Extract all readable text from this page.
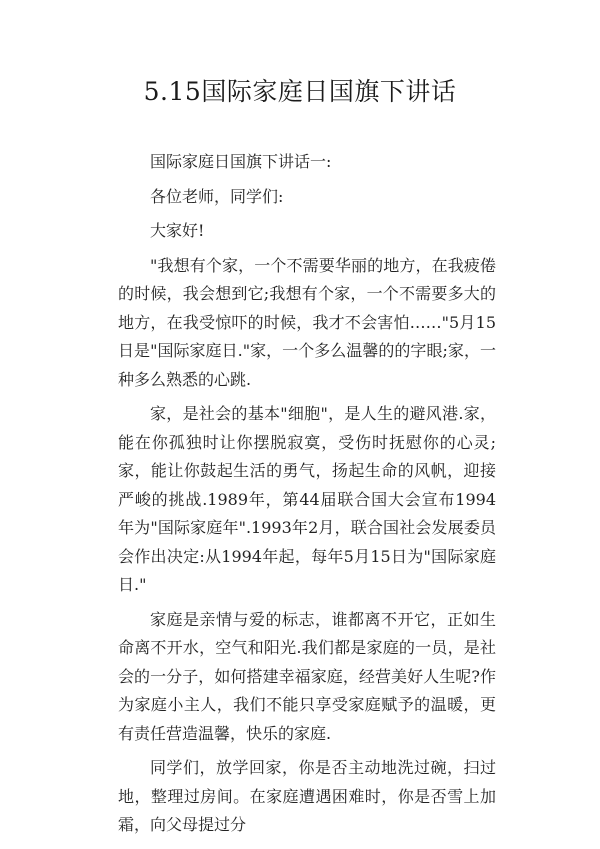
5.15国际家庭日国旗下讲话

国际家庭日国旗下讲话一:

各位老师，同学们:

大家好!

"我想有个家，一个不需要华丽的地方，在我疲倦的时候，我会想到它;我想有个家，一个不需要多大的地方，在我受惊吓的时候，我才不会害怕……"5月15日是"国际家庭日."家，一个多么温馨的的字眼;家，一种多么熟悉的心跳.

家，是社会的基本"细胞"，是人生的避风港.家，能在你孤独时让你摆脱寂寞，受伤时抚慰你的心灵;家，能让你鼓起生活的勇气，扬起生命的风帆，迎接严峻的挑战.1989年，第44届联合国大会宣布1994年为"国际家庭年".1993年2月，联合国社会发展委员会作出决定:从1994年起，每年5月15日为"国际家庭日."

家庭是亲情与爱的标志，谁都离不开它，正如生命离不开水，空气和阳光.我们都是家庭的一员，是社会的一分子，如何搭建幸福家庭，经营美好人生呢?作为家庭小主人，我们不能只享受家庭赋予的温暖，更有责任营造温馨，快乐的家庭.

同学们，放学回家，你是否主动地洗过碗，扫过地，整理过房间。在家庭遭遇困难时，你是否雪上加霜，向父母提过分
